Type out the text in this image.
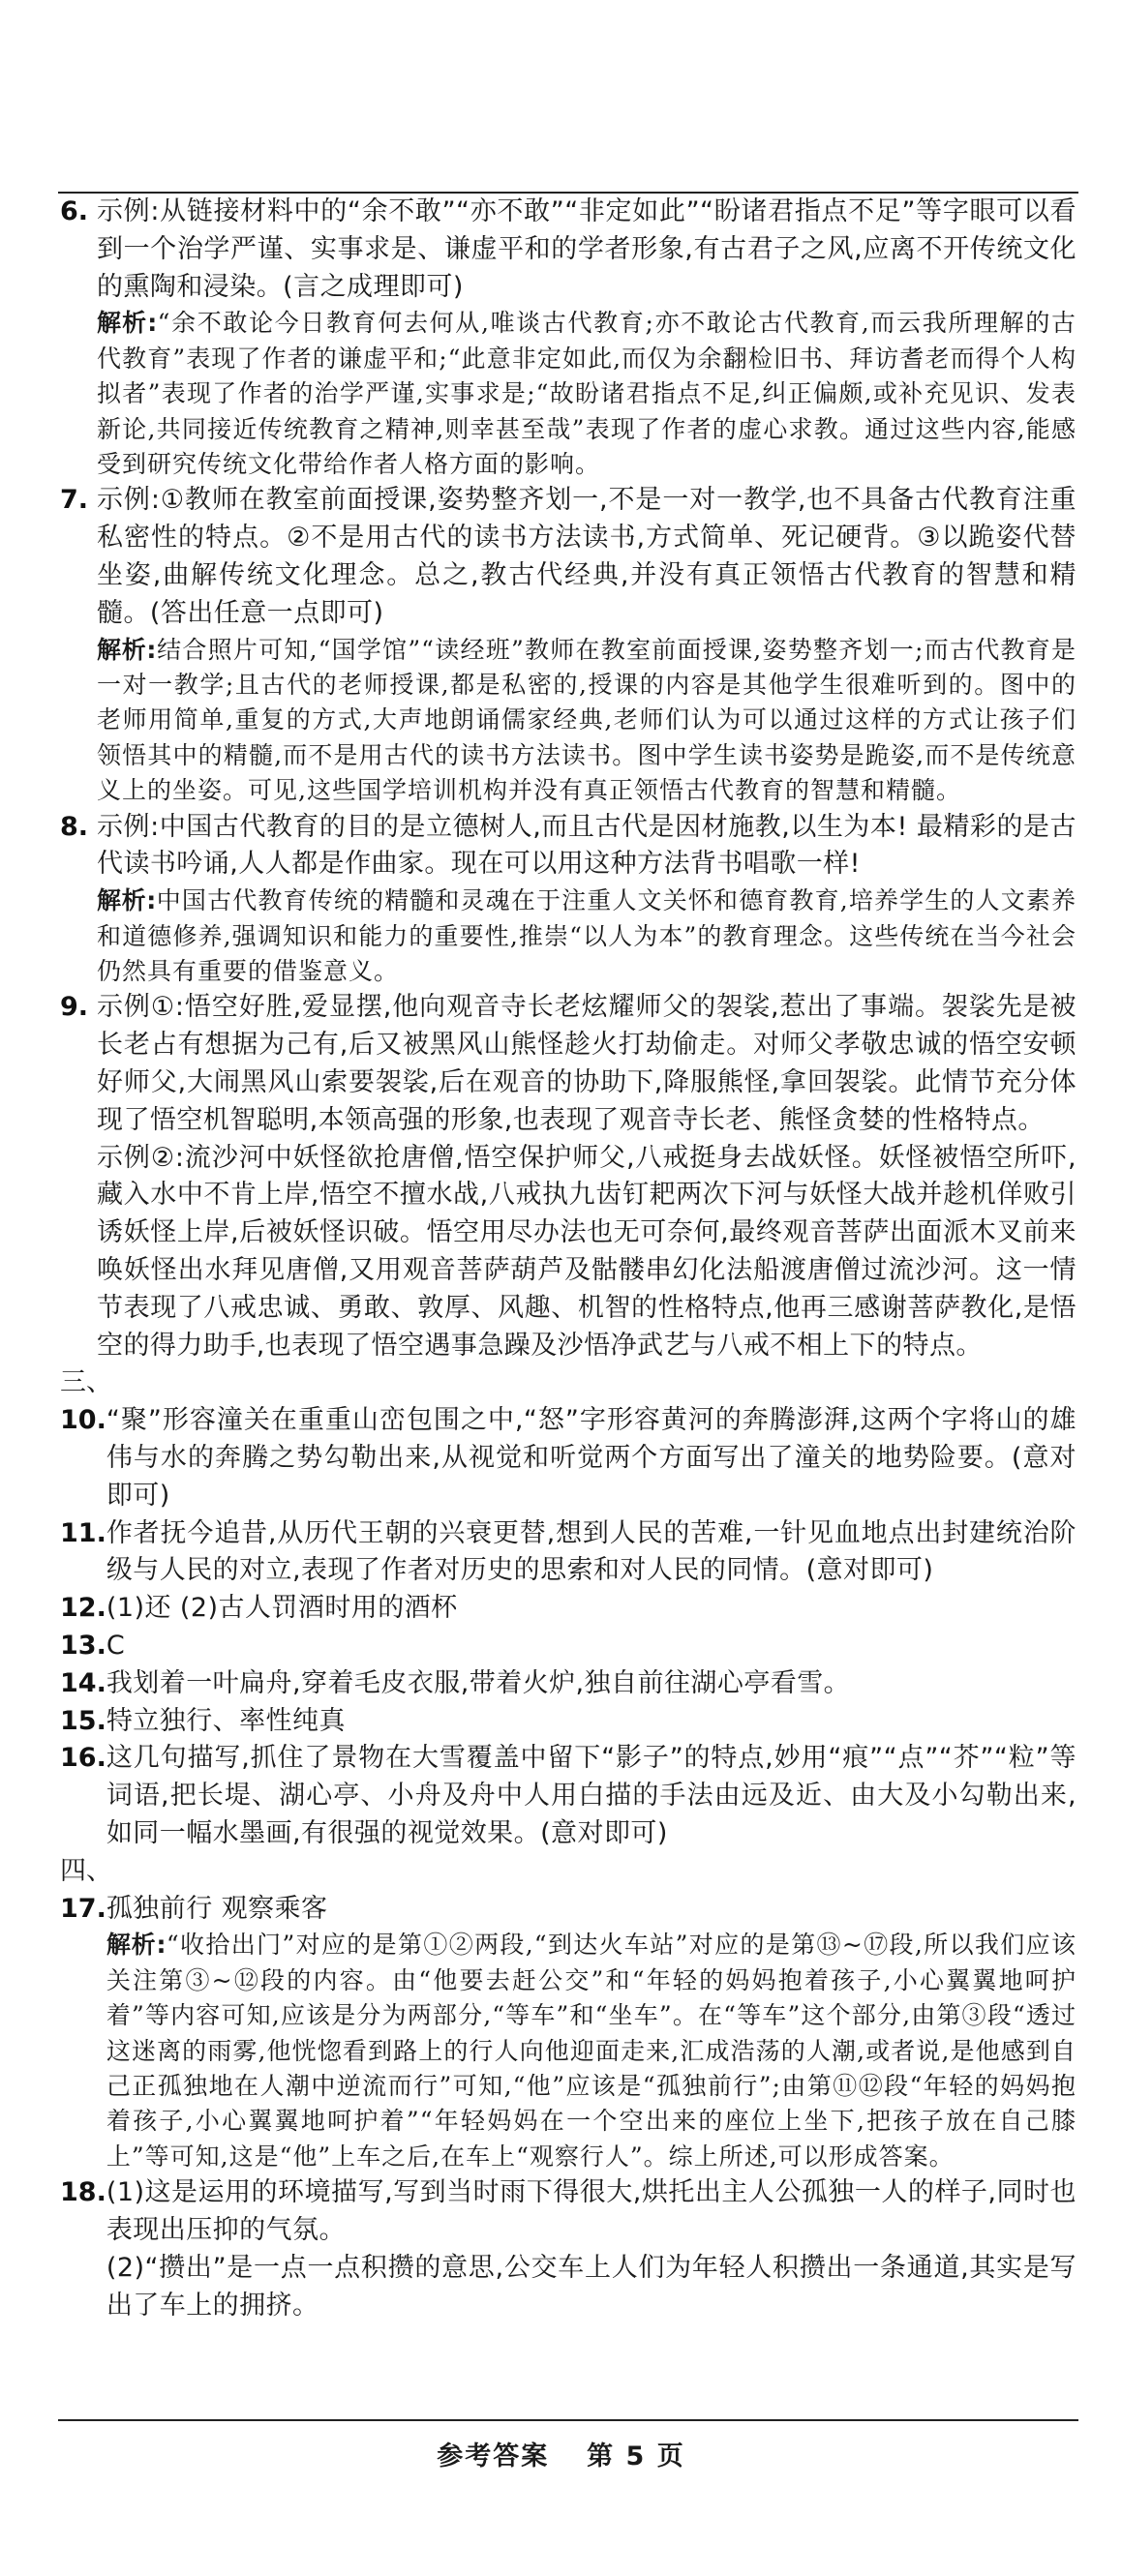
6. 示例:从链接材料中的“余不敢”“亦不敢”“非定如此”“盼诸君指点不足”等字眼可以看到一个治学严谨、实事求是、谦虚平和的学者形象,有古君子之风,应离不开传统文化的熏陶和浸染。(言之成理即可)

解析:“余不敢论今日教育何去何从,唯谈古代教育;亦不敢论古代教育,而云我所理解的古代教育”表现了作者的谦虚平和;“此意非定如此,而仅为余翻检旧书、拜访耆老而得个人构拟者”表现了作者的治学严谨,实事求是;“故盼诸君指点不足,纠正偏颇,或补充见识、发表新论,共同接近传统教育之精神,则幸甚至哉”表现了作者的虚心求教。通过这些内容,能感受到研究传统文化带给作者人格方面的影响。

7. 示例:①教师在教室前面授课,姿势整齐划一,不是一对一教学,也不具备古代教育注重私密性的特点。②不是用古代的读书方法读书,方式简单、死记硬背。③以跪姿代替坐姿,曲解传统文化理念。总之,教古代经典,并没有真正领悟古代教育的智慧和精髓。(答出任意一点即可)

解析:结合照片可知,“国学馆”“读经班”教师在教室前面授课,姿势整齐划一;而古代教育是一对一教学;且古代的老师授课,都是私密的,授课的内容是其他学生很难听到的。图中的老师用简单,重复的方式,大声地朗诵儒家经典,老师们认为可以通过这样的方式让孩子们领悟其中的精髓,而不是用古代的读书方法读书。图中学生读书姿势是跪姿,而不是传统意义上的坐姿。可见,这些国学培训机构并没有真正领悟古代教育的智慧和精髓。

8. 示例:中国古代教育的目的是立德树人,而且古代是因材施教,以生为本! 最精彩的是古代读书吟诵,人人都是作曲家。现在可以用这种方法背书唱歌一样!

解析:中国古代教育传统的精髓和灵魂在于注重人文关怀和德育教育,培养学生的人文素养和道德修养,强调知识和能力的重要性,推崇“以人为本”的教育理念。这些传统在当今社会仍然具有重要的借鉴意义。

9. 示例①:悟空好胜,爱显摆,他向观音寺长老炫耀师父的袈裟,惹出了事端。袈裟先是被长老占有想据为己有,后又被黑风山熊怪趁火打劫偷走。对师父孝敬忠诚的悟空安顿好师父,大闹黑风山索要袈裟,后在观音的协助下,降服熊怪,拿回袈裟。此情节充分体现了悟空机智聪明,本领高强的形象,也表现了观音寺长老、熊怪贪婪的性格特点。

示例②:流沙河中妖怪欲抢唐僧,悟空保护师父,八戒挺身去战妖怪。妖怪被悟空所吓,藏入水中不肯上岸,悟空不擅水战,八戒执九齿钉耙两次下河与妖怪大战并趁机佯败引诱妖怪上岸,后被妖怪识破。悟空用尽办法也无可奈何,最终观音菩萨出面派木叉前来唤妖怪出水拜见唐僧,又用观音菩萨葫芦及骷髅串幻化法船渡唐僧过流沙河。这一情节表现了八戒忠诚、勇敢、敦厚、风趣、机智的性格特点,他再三感谢菩萨教化,是悟空的得力助手,也表现了悟空遇事急躁及沙悟净武艺与八戒不相上下的特点。

三、

10. “聚”形容潼关在重重山峦包围之中,“怒”字形容黄河的奔腾澎湃,这两个字将山的雄伟与水的奔腾之势勾勒出来,从视觉和听觉两个方面写出了潼关的地势险要。(意对即可)

11. 作者抚今追昔,从历代王朝的兴衰更替,想到人民的苦难,一针见血地点出封建统治阶级与人民的对立,表现了作者对历史的思索和对人民的同情。(意对即可)

12. (1)还 (2)古人罚酒时用的酒杯

13. C

14. 我划着一叶扁舟,穿着毛皮衣服,带着火炉,独自前往湖心亭看雪。

15. 特立独行、率性纯真

16. 这几句描写,抓住了景物在大雪覆盖中留下“影子”的特点,妙用“痕”“点”“芥”“粒”等词语,把长堤、湖心亭、小舟及舟中人用白描的手法由远及近、由大及小勾勒出来,如同一幅水墨画,有很强的视觉效果。(意对即可)

四、

17. 孤独前行 观察乘客

解析:“收拾出门”对应的是第①②两段,“到达火车站”对应的是第⑬~⑰段,所以我们应该关注第③~⑫段的内容。由“他要去赶公交”和“年轻的妈妈抱着孩子,小心翼翼地呵护着”等内容可知,应该是分为两部分,“等车”和“坐车”。在“等车”这个部分,由第③段“透过这迷离的雨雾,他恍惚看到路上的行人向他迎面走来,汇成浩荡的人潮,或者说,是他感到自己正孤独地在人潮中逆流而行”可知,“他”应该是“孤独前行”;由第⑪⑫段“年轻的妈妈抱着孩子,小心翼翼地呵护着”“年轻妈妈在一个空出来的座位上坐下,把孩子放在自己膝上”等可知,这是“他”上车之后,在车上“观察行人”。综上所述,可以形成答案。

18. (1)这是运用的环境描写,写到当时雨下得很大,烘托出主人公孤独一人的样子,同时也表现出压抑的气氛。

(2)“攒出”是一点一点积攒的意思,公交车上人们为年轻人积攒出一条通道,其实是写出了车上的拥挤。

参考答案 第 5 页
